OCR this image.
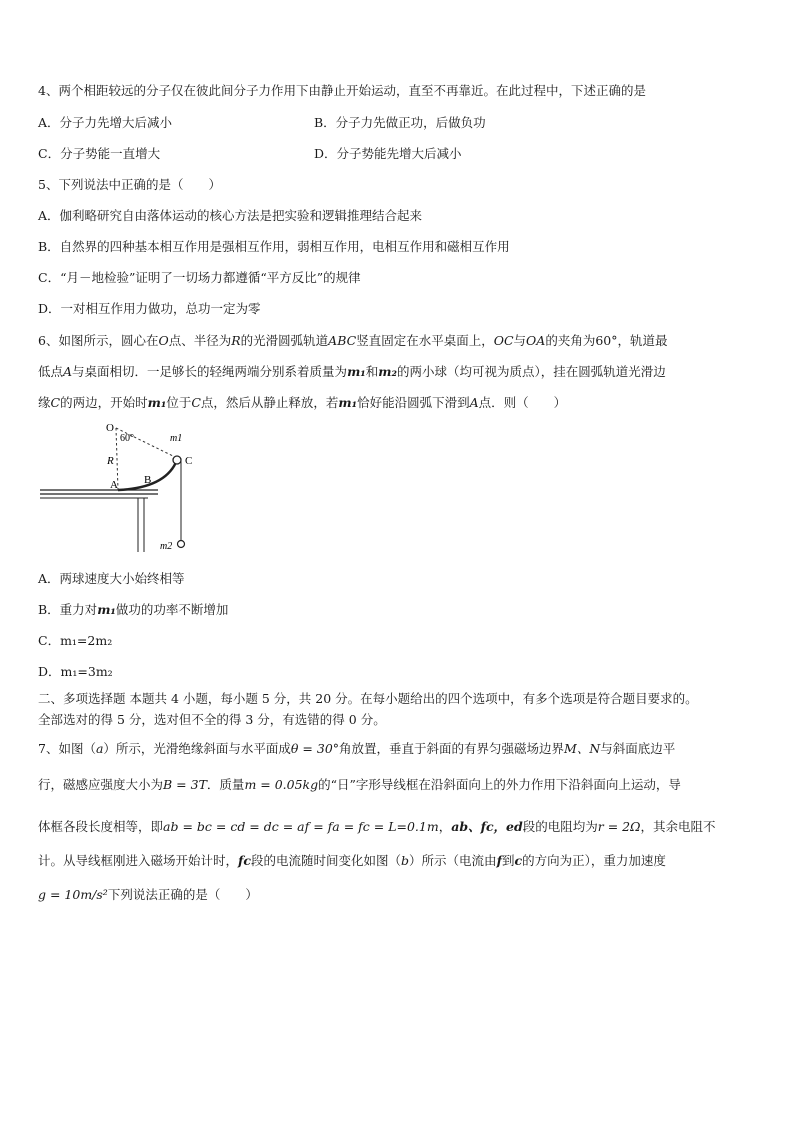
4、两个相距较远的分子仅在彼此间分子力作用下由静止开始运动，直至不再靠近。在此过程中，下述正确的是
A．分子力先增大后减小	B．分子力先做正功，后做负功
C．分子势能一直增大	D．分子势能先增大后减小
5、下列说法中正确的是（　　）
A．伽利略研究自由落体运动的核心方法是把实验和逻辑推理结合起来
B．自然界的四种基本相互作用是强相互作用，弱相互作用，电相互作用和磁相互作用
C．“月－地检验”证明了一切场力都遵循“平方反比”的规律
D．一对相互作用力做功，总功一定为零
6、如图所示，圆心在O点、半径为R的光滑圆弧轨道ABC竖直固定在水平桌面上，OC与OA的夹角为60°，轨道最
低点A与桌面相切．一足够长的轻绳两端分别系着质量为m₁和m₂的两小球（均可视为质点），挂在圆弧轨道光滑边
缘C的两边，开始时m₁位于C点，然后从静止释放，若m₁恰好能沿圆弧下滑到A点．则（　　）
O
60°
R
m1
C
A B
m2
A．两球速度大小始终相等
B．重力对m₁做功的功率不断增加
C．m₁=2m₂
D．m₁=3m₂
二、多项选择题 本题共 4 小题，每小题 5 分，共 20 分。在每小题给出的四个选项中，有多个选项是符合题目要求的。
全部选对的得 5 分，选对但不全的得 3 分，有选错的得 0 分。
7、如图（a）所示，光滑绝缘斜面与水平面成θ = 30°角放置，垂直于斜面的有界匀强磁场边界M、N与斜面底边平
行，磁感应强度大小为B = 3T．质量m = 0.05kg的“日”字形导线框在沿斜面向上的外力作用下沿斜面向上运动，导
体框各段长度相等，即ab = bc = cd = dc = af = fa = fc = L=0.1m，ab、fc，ed段的电阻均为r = 2Ω，其余电阻不
计。从导线框刚进入磁场开始计时，fc段的电流随时间变化如图（b）所示（电流由f到c的方向为正），重力加速度
g = 10m/s²下列说法正确的是（　　）
